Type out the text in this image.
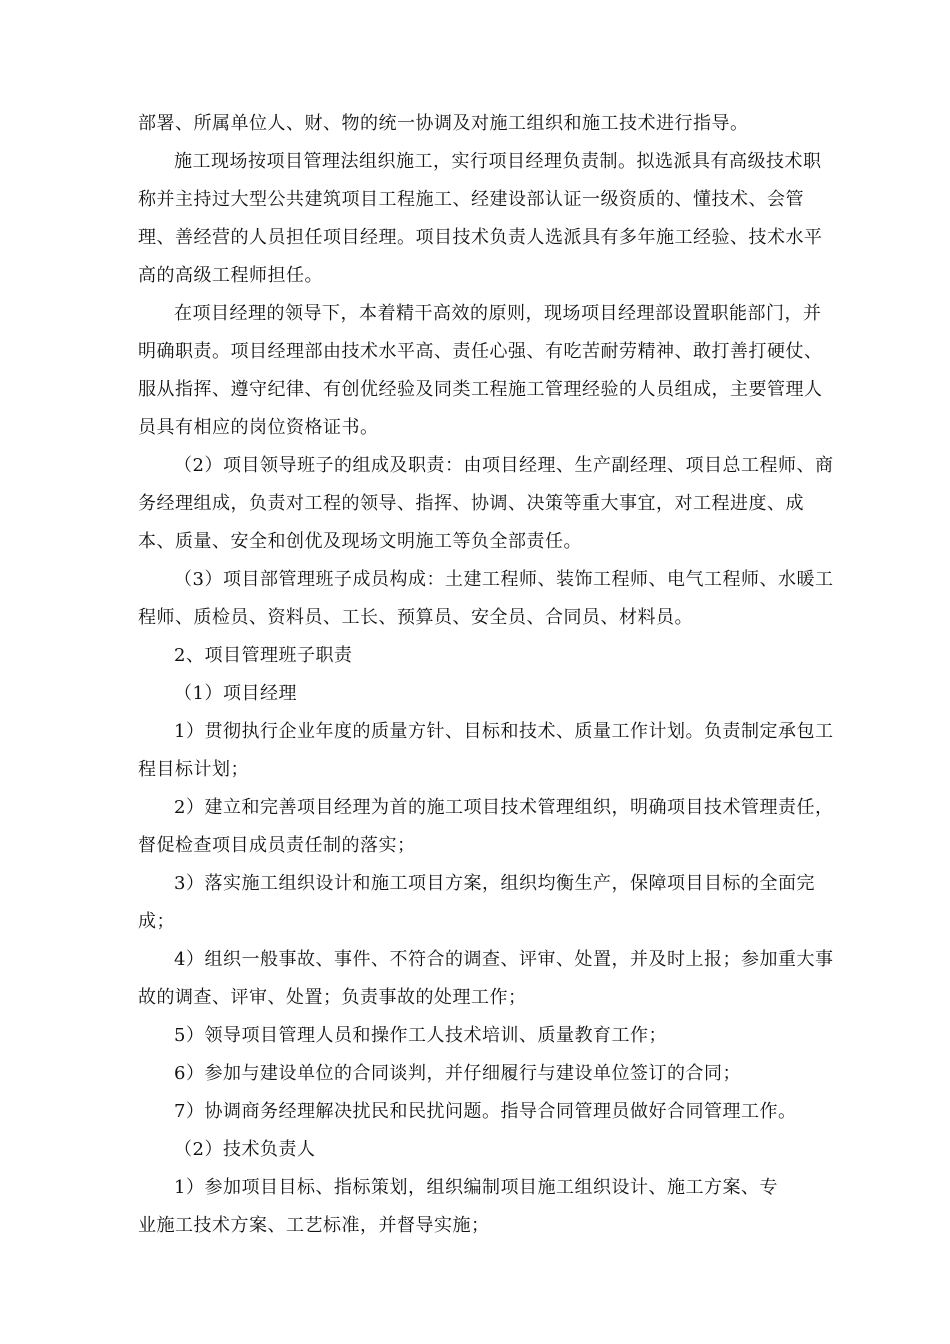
部署、所属单位人、财、物的统一协调及对施工组织和施工技术进行指导。
施工现场按项目管理法组织施工，实行项目经理负责制。拟选派具有高级技术职
称并主持过大型公共建筑项目工程施工、经建设部认证一级资质的、懂技术、会管
理、善经营的人员担任项目经理。项目技术负责人选派具有多年施工经验、技术水平
高的高级工程师担任。
在项目经理的领导下，本着精干高效的原则，现场项目经理部设置职能部门，并
明确职责。项目经理部由技术水平高、责任心强、有吃苦耐劳精神、敢打善打硬仗、
服从指挥、遵守纪律、有创优经验及同类工程施工管理经验的人员组成，主要管理人
员具有相应的岗位资格证书。
（2）项目领导班子的组成及职责：由项目经理、生产副经理、项目总工程师、商
务经理组成，负责对工程的领导、指挥、协调、决策等重大事宜，对工程进度、成
本、质量、安全和创优及现场文明施工等负全部责任。
（3）项目部管理班子成员构成：土建工程师、装饰工程师、电气工程师、水暖工
程师、质检员、资料员、工长、预算员、安全员、合同员、材料员。
2、项目管理班子职责
（1）项目经理
1）贯彻执行企业年度的质量方针、目标和技术、质量工作计划。负责制定承包工
程目标计划；
2）建立和完善项目经理为首的施工项目技术管理组织，明确项目技术管理责任，
督促检查项目成员责任制的落实；
3）落实施工组织设计和施工项目方案，组织均衡生产，保障项目目标的全面完
成；
4）组织一般事故、事件、不符合的调查、评审、处置，并及时上报；参加重大事
故的调查、评审、处置；负责事故的处理工作；
5）领导项目管理人员和操作工人技术培训、质量教育工作；
6）参加与建设单位的合同谈判，并仔细履行与建设单位签订的合同；
7）协调商务经理解决扰民和民扰问题。指导合同管理员做好合同管理工作。
（2）技术负责人
1）参加项目目标、指标策划，组织编制项目施工组织设计、施工方案、专
业施工技术方案、工艺标准，并督导实施；
